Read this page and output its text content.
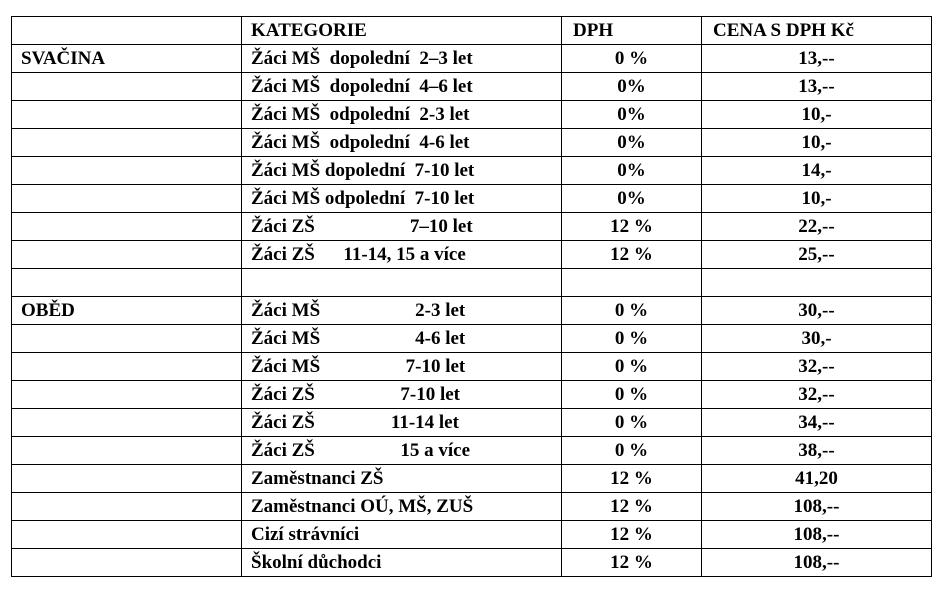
	KATEGORIE	DPH	CENA S DPH Kč
SVAČINA	Žáci MŠ  dopolední  2–3 let	0 %	13,--
	Žáci MŠ  dopolední  4–6 let	0%	13,--
	Žáci MŠ  odpolední  2-3 let	0%	10,-
	Žáci MŠ  odpolední  4-6 let	0%	10,-
	Žáci MŠ dopolední  7-10 let	0%	14,-
	Žáci MŠ odpolední  7-10 let	0%	10,-
	Žáci ZŠ                    7–10 let	12 %	22,--
	Žáci ZŠ      11-14, 15 a více	12 %	25,--

OBĚD	Žáci MŠ                    2-3 let	0 %	30,--
	Žáci MŠ                    4-6 let	0 %	30,-
	Žáci MŠ                  7-10 let	0 %	32,--
	Žáci ZŠ                  7-10 let	0 %	32,--
	Žáci ZŠ                11-14 let	0 %	34,--
	Žáci ZŠ                  15 a více	0 %	38,--
	Zaměstnanci ZŠ	12 %	41,20
	Zaměstnanci OÚ, MŠ, ZUŠ	12 %	108,--
	Cizí strávníci	12 %	108,--
	Školní důchodci	12 %	108,--
